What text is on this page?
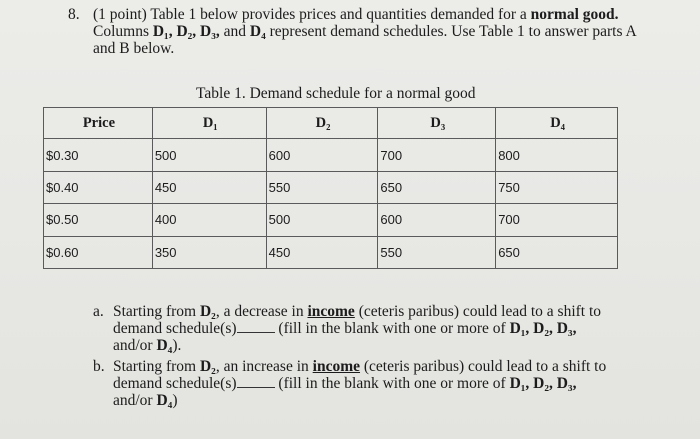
8. (1 point) Table 1 below provides prices and quantities demanded for a normal good.
Columns D₁, D₂, D₃, and D₄ represent demand schedules. Use Table 1 to answer parts A
and B below.
Table 1. Demand schedule for a normal good
Price	D₁	D₂	D₃	D₄
$0.30	500	600	700	800
$0.40	450	550	650	750
$0.50	400	500	600	700
$0.60	350	450	550	650
a. Starting from D₂, a decrease in income (ceteris paribus) could lead to a shift to
demand schedule(s) (fill in the blank with one or more of D₁, D₂, D₃,
and/or D₄).
b. Starting from D₂, an increase in income (ceteris paribus) could lead to a shift to
demand schedule(s) (fill in the blank with one or more of D₁, D₂, D₃,
and/or D₄)
